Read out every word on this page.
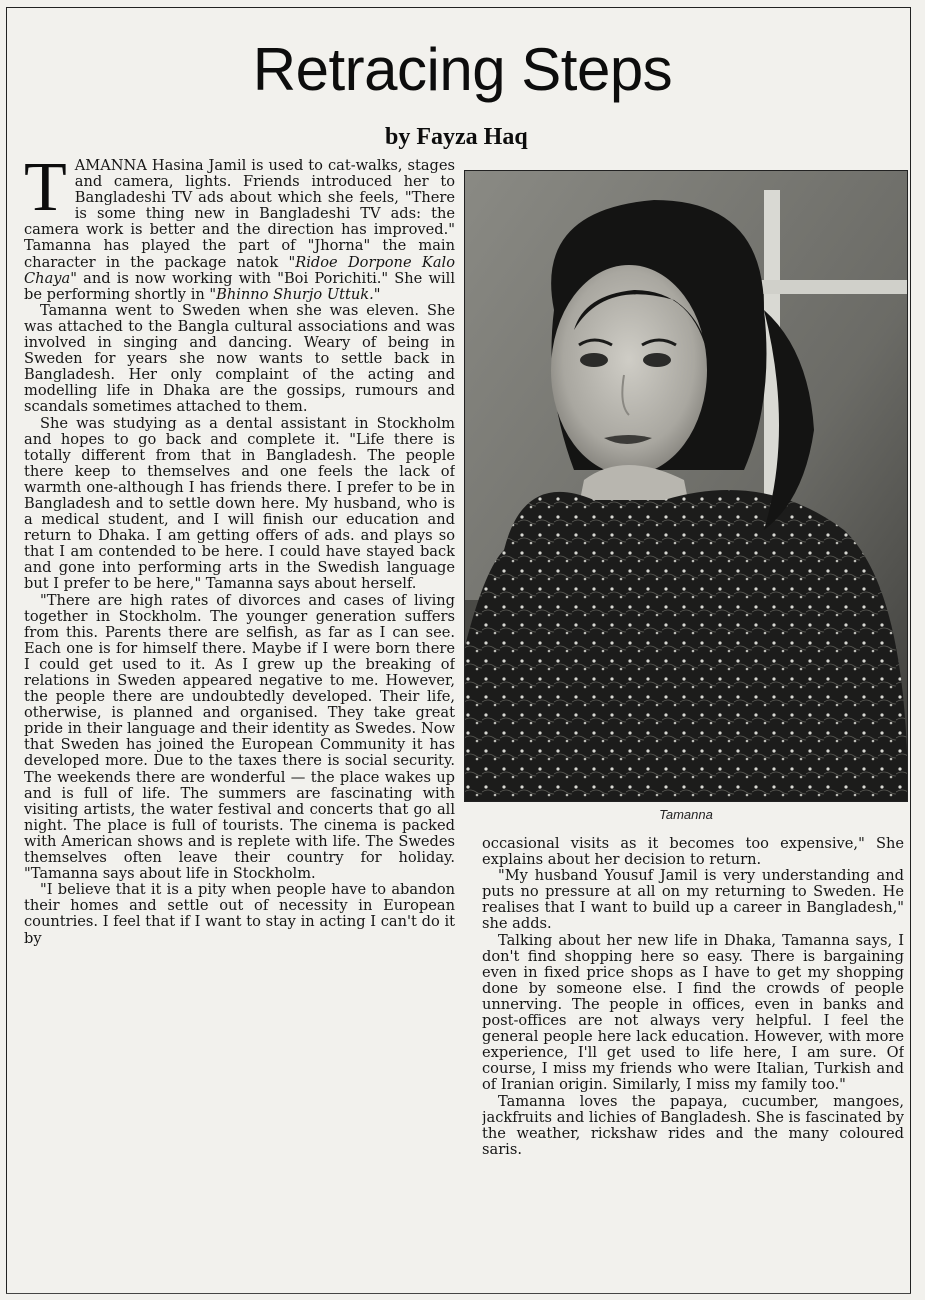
Retracing Steps
by Fayza Haq

TAMANNA Hasina Jamil is used to cat-walks, stages and camera, lights. Friends introduced her to Bangladeshi TV ads about which she feels, "There is some thing new in Bangladeshi TV ads: the camera work is better and the direction has improved." Tamanna has played the part of "Jhorna" the main character in the package natok "Ridoe Dorpone Kalo Chaya" and is now working with "Boi Porichiti." She will be performing shortly in "Bhinno Shurjo Uttuk."

Tamanna went to Sweden when she was eleven. She was attached to the Bangla cultural associations and was involved in singing and dancing. Weary of being in Sweden for years she now wants to settle back in Bangladesh. Her only complaint of the acting and modelling life in Dhaka are the gossips, rumours and scandals sometimes attached to them.

She was studying as a dental assistant in Stockholm and hopes to go back and complete it. "Life there is totally different from that in Bangladesh. The people there keep to themselves and one feels the lack of warmth one-although I has friends there. I prefer to be in Bangladesh and to settle down here. My husband, who is a medical student, and I will finish our education and return to Dhaka. I am getting offers of ads. and plays so that I am contended to be here. I could have stayed back and gone into performing arts in the Swedish language but I prefer to be here," Tamanna says about herself.

"There are high rates of divorces and cases of living together in Stockholm. The younger generation suffers from this. Parents there are selfish, as far as I can see. Each one is for himself there. Maybe if I were born there I could get used to it. As I grew up the breaking of relations in Sweden appeared negative to me. However, the people there are undoubtedly developed. Their life, otherwise, is planned and organised. They take great pride in their language and their identity as Swedes. Now that Sweden has joined the European Community it has developed more. Due to the taxes there is social security. The weekends there are wonderful — the place wakes up and is full of life. The summers are fascinating with visiting artists, the water festival and concerts that go all night. The place is full of tourists. The cinema is packed with American shows and is replete with life. The Swedes themselves often leave their country for holiday. "Tamanna says about life in Stockholm.

"I believe that it is a pity when people have to abandon their homes and settle out of necessity in European countries. I feel that if I want to stay in acting I can't do it by

Tamanna

occasional visits as it becomes too expensive," She explains about her decision to return.

"My husband Yousuf Jamil is very understanding and puts no pressure at all on my returning to Sweden. He realises that I want to build up a career in Bangladesh," she adds.

Talking about her new life in Dhaka, Tamanna says, I don't find shopping here so easy. There is bargaining even in fixed price shops as I have to get my shopping done by someone else. I find the crowds of people unnerving. The people in offices, even in banks and post-offices are not always very helpful. I feel the general people here lack education. However, with more experience, I'll get used to life here, I am sure. Of course, I miss my friends who were Italian, Turkish and of Iranian origin. Similarly, I miss my family too."

Tamanna loves the papaya, cucumber, mangoes, jackfruits and lichies of Bangladesh. She is fascinated by the weather, rickshaw rides and the many coloured saris.
